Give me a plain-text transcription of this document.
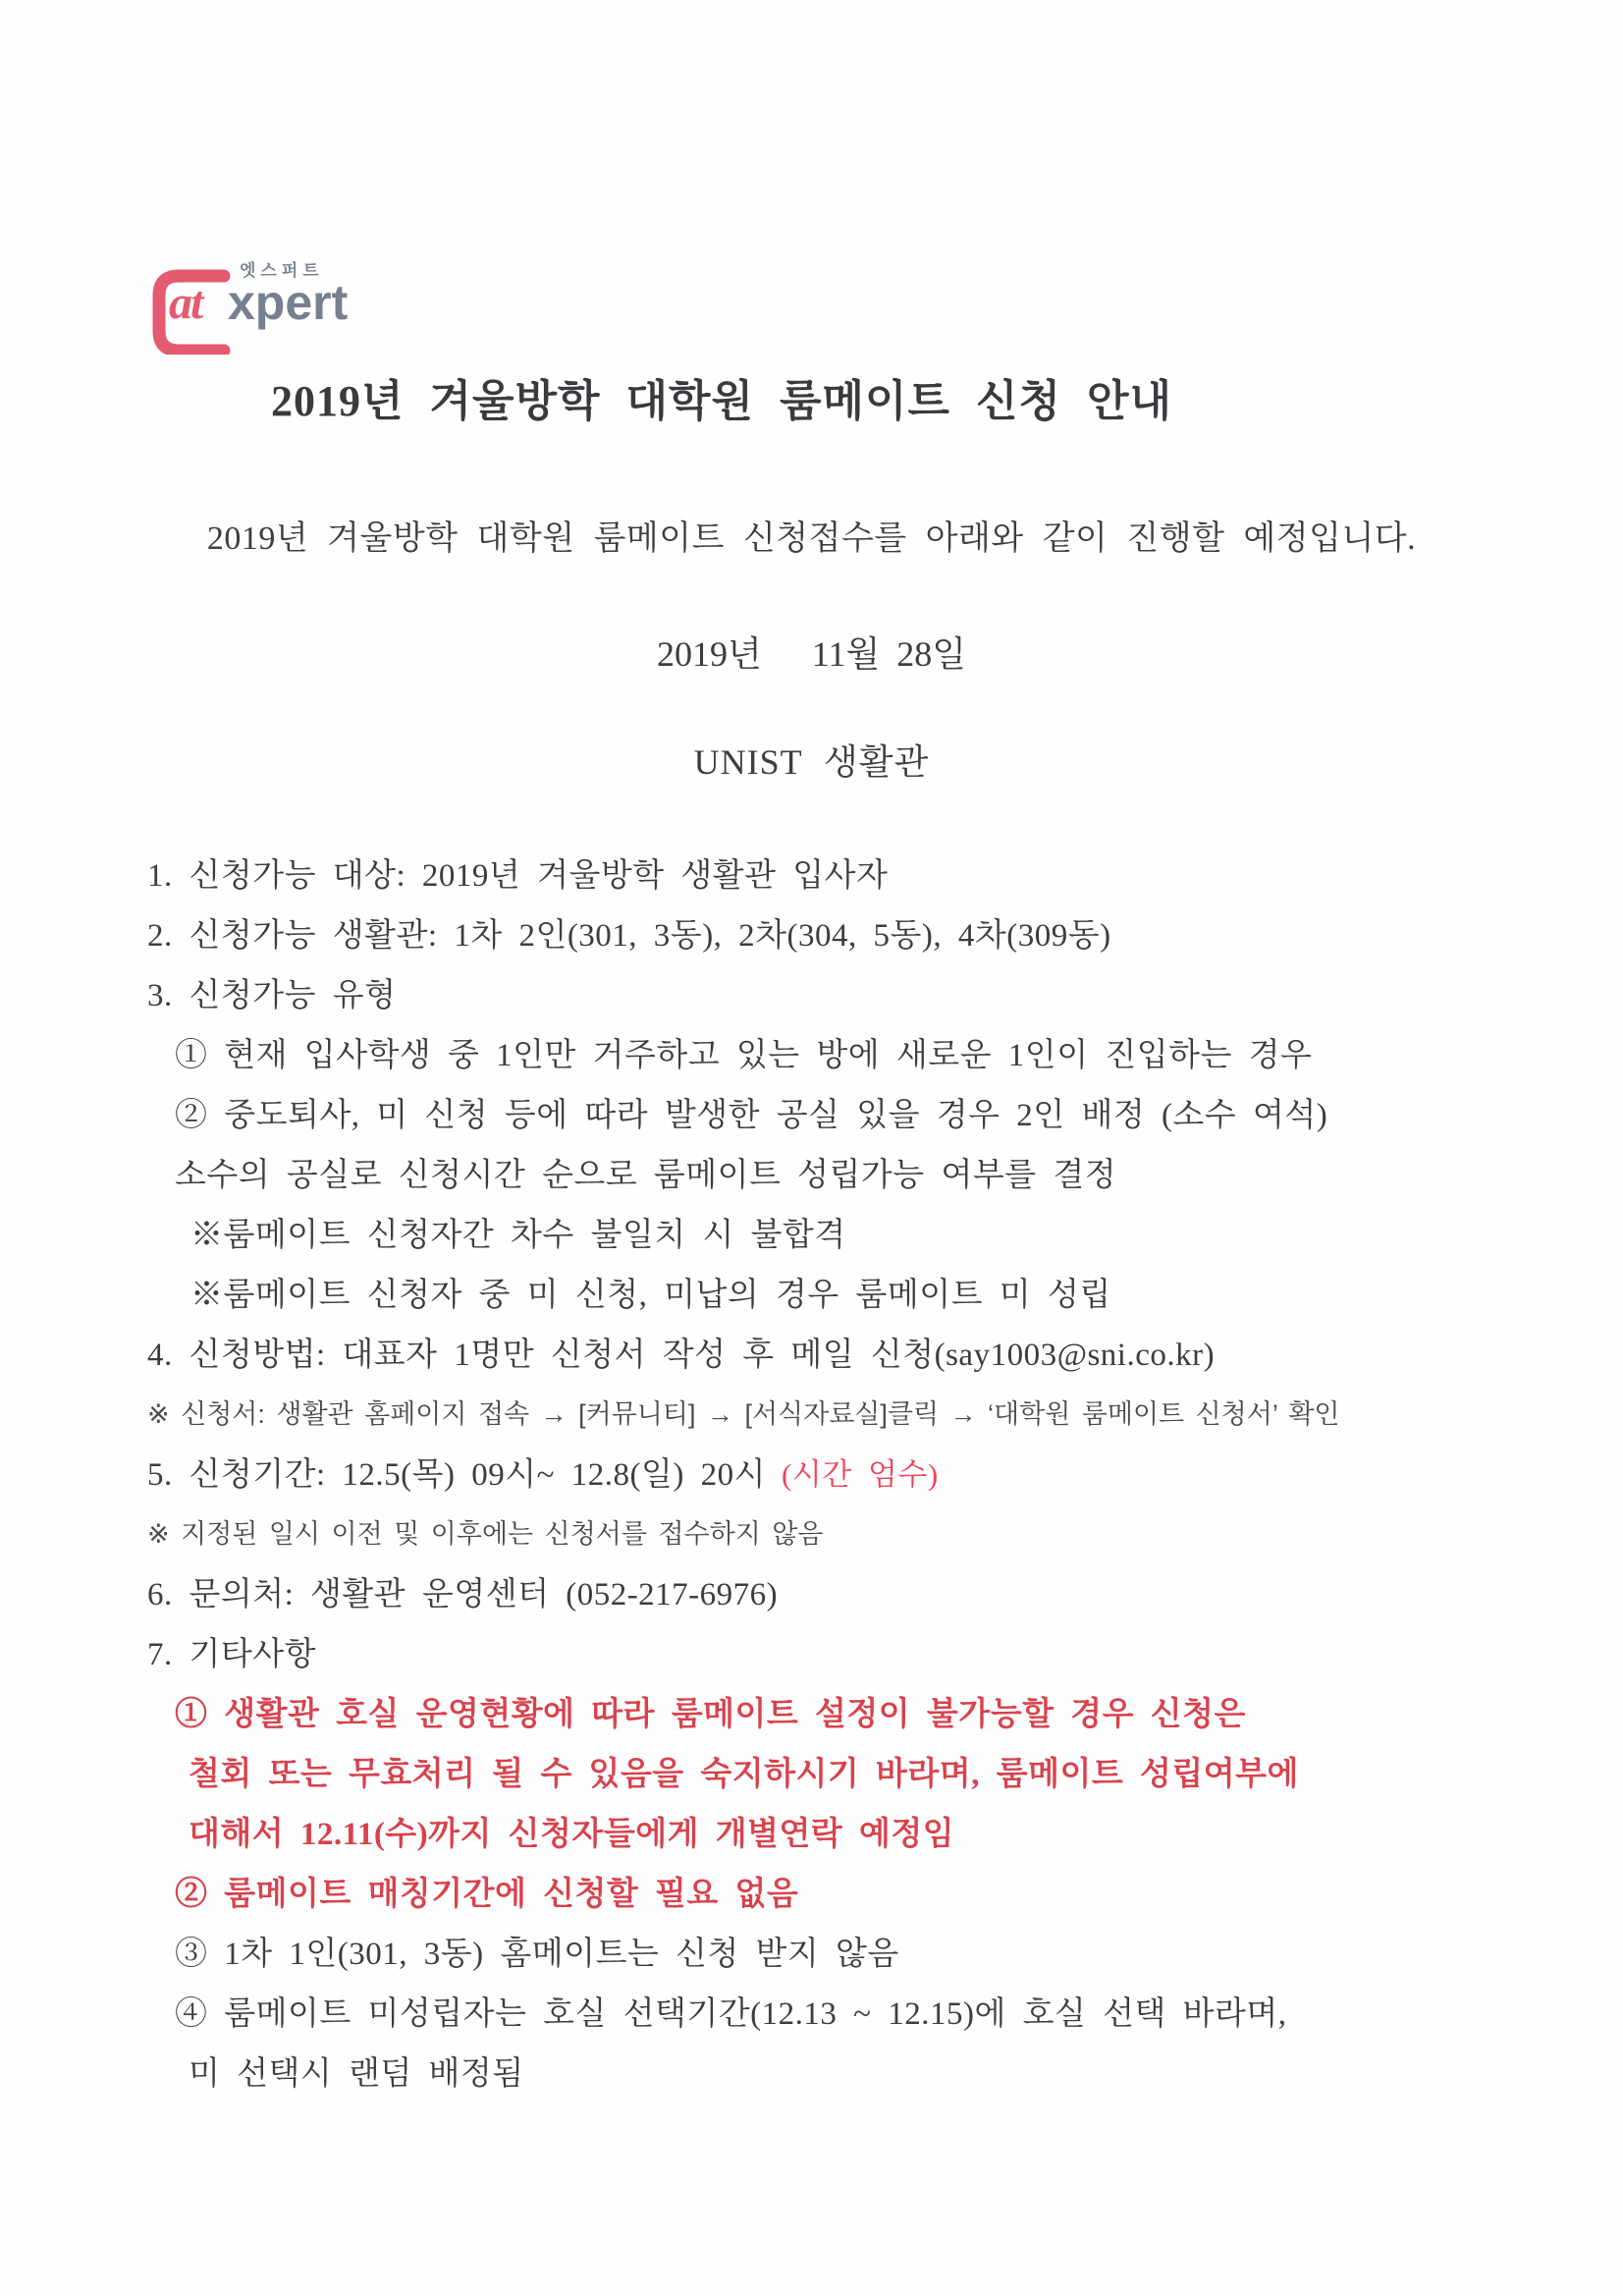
엣스퍼트
at xpert
2019년 겨울방학 대학원 룸메이트 신청 안내

2019년 겨울방학 대학원 룸메이트 신청접수를 아래와 같이 진행할 예정입니다.

2019년   11월 28일

UNIST 생활관

1. 신청가능 대상: 2019년 겨울방학 생활관 입사자
2. 신청가능 생활관: 1차 2인(301, 3동), 2차(304, 5동), 4차(309동)
3. 신청가능 유형
① 현재 입사학생 중 1인만 거주하고 있는 방에 새로운 1인이 진입하는 경우
② 중도퇴사, 미 신청 등에 따라 발생한 공실 있을 경우 2인 배정 (소수 여석)
소수의 공실로 신청시간 순으로 룸메이트 성립가능 여부를 결정
※룸메이트 신청자간 차수 불일치 시 불합격
※룸메이트 신청자 중 미 신청, 미납의 경우 룸메이트 미 성립
4. 신청방법: 대표자 1명만 신청서 작성 후 메일 신청(say1003@sni.co.kr)
※ 신청서: 생활관 홈페이지 접속 → [커뮤니티] → [서식자료실]클릭 → ‘대학원 룸메이트 신청서’ 확인
5. 신청기간: 12.5(목) 09시~ 12.8(일) 20시 (시간 엄수)
※ 지정된 일시 이전 및 이후에는 신청서를 접수하지 않음
6. 문의처: 생활관 운영센터 (052-217-6976)
7. 기타사항
① 생활관 호실 운영현황에 따라 룸메이트 설정이 불가능할 경우 신청은
철회 또는 무효처리 될 수 있음을 숙지하시기 바라며, 룸메이트 성립여부에
대해서 12.11(수)까지 신청자들에게 개별연락 예정임
② 룸메이트 매칭기간에 신청할 필요 없음
③ 1차 1인(301, 3동) 홈메이트는 신청 받지 않음
④ 룸메이트 미성립자는 호실 선택기간(12.13 ~ 12.15)에 호실 선택 바라며,
미 선택시 랜덤 배정됨
